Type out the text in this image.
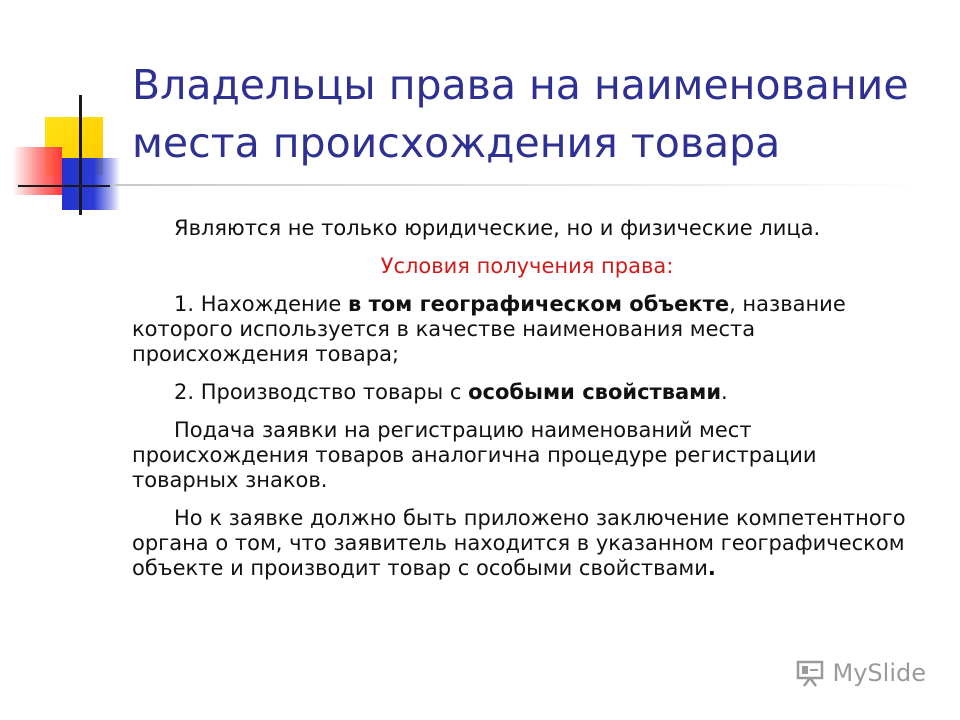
Владельцы права на наименование места происхождения товара

Являются не только юридические, но и физические лица.

Условия получения права:

1. Нахождение в том географическом объекте, название которого используется в качестве наименования места происхождения товара;

2. Производство товары с особыми свойствами.

Подача заявки на регистрацию наименований мест происхождения товаров аналогична процедуре регистрации товарных знаков.

Но к заявке должно быть приложено заключение компетентного органа о том, что заявитель находится в указанном географическом объекте и производит товар с особыми свойствами.

MySlide
